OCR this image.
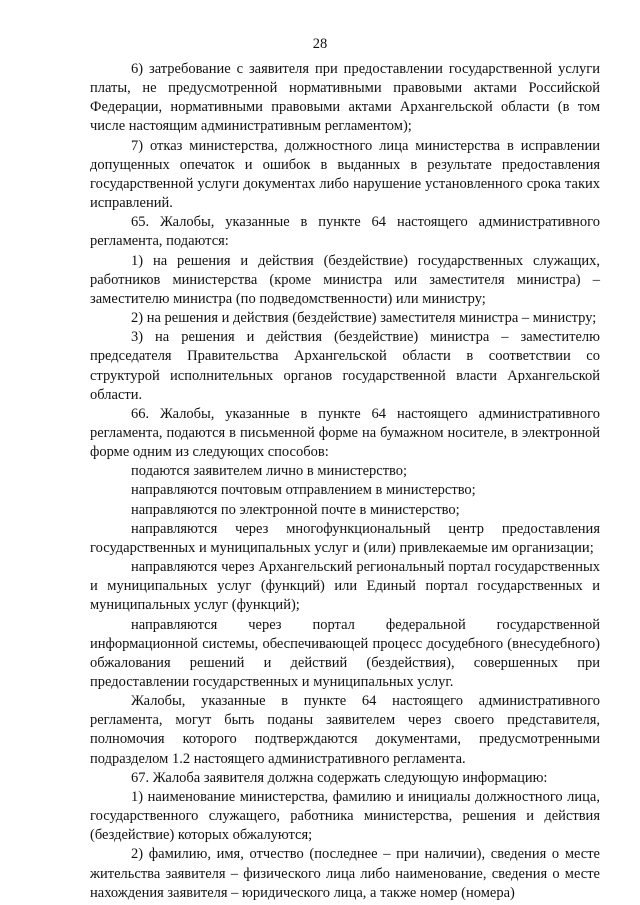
28

6) затребование с заявителя при предоставлении государственной услуги платы, не предусмотренной нормативными правовыми актами Российской Федерации, нормативными правовыми актами Архангельской области (в том числе настоящим административным регламентом);

7) отказ министерства, должностного лица министерства в исправлении допущенных опечаток и ошибок в выданных в результате предоставления государственной услуги документах либо нарушение установленного срока таких исправлений.

65. Жалобы, указанные в пункте 64 настоящего административного регламента, подаются:

1) на решения и действия (бездействие) государственных служащих, работников министерства (кроме министра или заместителя министра) – заместителю министра (по подведомственности) или министру;

2) на решения и действия (бездействие) заместителя министра – министру;

3) на решения и действия (бездействие) министра – заместителю председателя Правительства Архангельской области в соответствии со структурой исполнительных органов государственной власти Архангельской области.

66. Жалобы, указанные в пункте 64 настоящего административного регламента, подаются в письменной форме на бумажном носителе, в электронной форме одним из следующих способов:

подаются заявителем лично в министерство;

направляются почтовым отправлением в министерство;

направляются по электронной почте в министерство;

направляются через многофункциональный центр предоставления государственных и муниципальных услуг и (или) привлекаемые им организации;

направляются через Архангельский региональный портал государственных и муниципальных услуг (функций) или Единый портал государственных и муниципальных услуг (функций);

направляются через портал федеральной государственной информационной системы, обеспечивающей процесс досудебного (внесудебного) обжалования решений и действий (бездействия), совершенных при предоставлении государственных и муниципальных услуг.

Жалобы, указанные в пункте 64 настоящего административного регламента, могут быть поданы заявителем через своего представителя, полномочия которого подтверждаются документами, предусмотренными подразделом 1.2 настоящего административного регламента.

67. Жалоба заявителя должна содержать следующую информацию:

1) наименование министерства, фамилию и инициалы должностного лица, государственного служащего, работника министерства, решения и действия (бездействие) которых обжалуются;

2) фамилию, имя, отчество (последнее – при наличии), сведения о месте жительства заявителя – физического лица либо наименование, сведения о месте нахождения заявителя – юридического лица, а также номер (номера)
